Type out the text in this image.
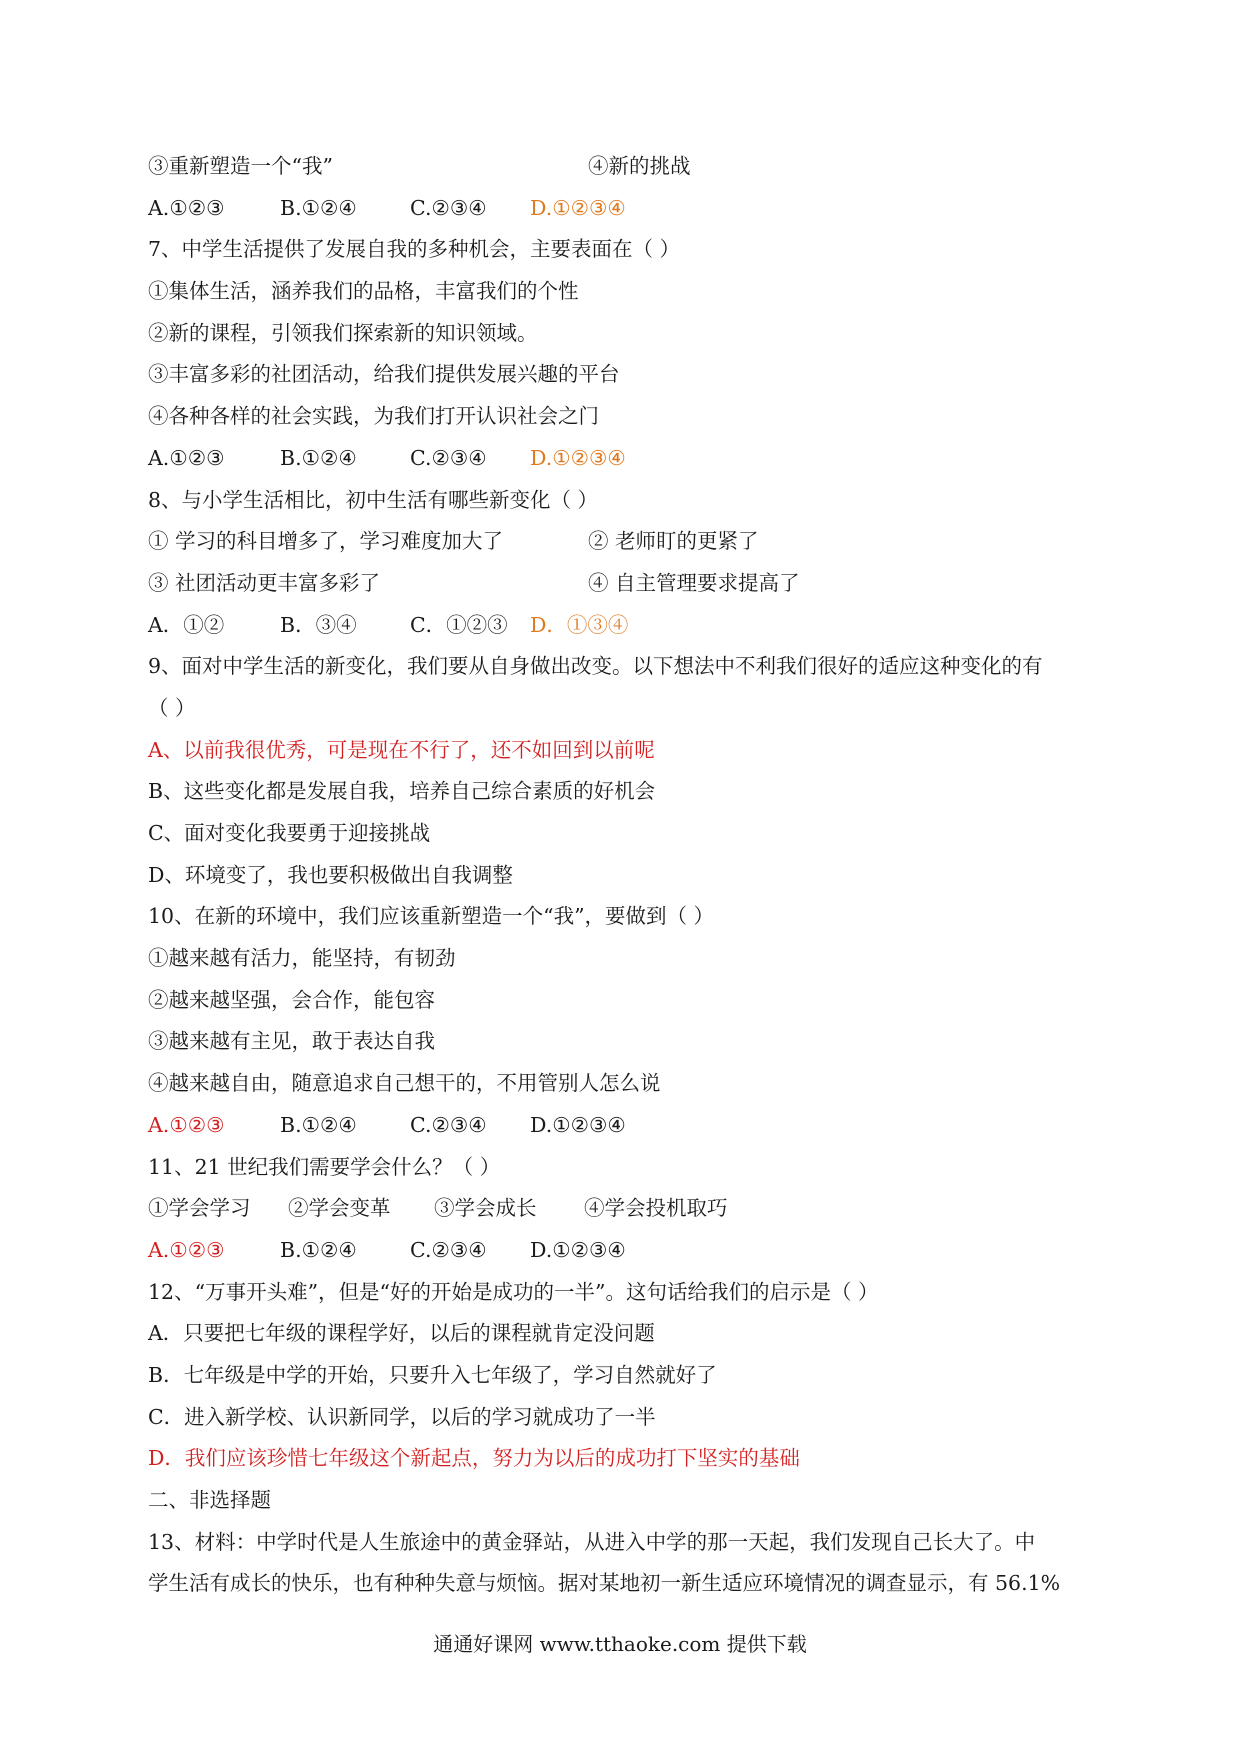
③重新塑造一个“我”	④新的挑战
A.①②③	B.①②④	C.②③④ D.①②③④
7、中学生活提供了发展自我的多种机会，主要表面在（ ）
①集体生活，涵养我们的品格，丰富我们的个性
②新的课程，引领我们探索新的知识领域。
③丰富多彩的社团活动，给我们提供发展兴趣的平台
④各种各样的社会实践，为我们打开认识社会之门
A.①②③	B.①②④	C.②③④ D.①②③④
8、与小学生活相比，初中生活有哪些新变化（ ）
① 学习的科目增多了，学习难度加大了	② 老师盯的更紧了
③ 社团活动更丰富多彩了	④ 自主管理要求提高了
A．①②	B．③④	C．①②③ D．①③④
9、面对中学生活的新变化，我们要从自身做出改变。以下想法中不利我们很好的适应这种变化的有
（ ）
A、以前我很优秀，可是现在不行了，还不如回到以前呢
B、这些变化都是发展自我，培养自己综合素质的好机会
C、面对变化我要勇于迎接挑战
D、环境变了，我也要积极做出自我调整
10、在新的环境中，我们应该重新塑造一个“我”，要做到（ ）
①越来越有活力，能坚持，有韧劲
②越来越坚强，会合作，能包容
③越来越有主见，敢于表达自我
④越来越自由，随意追求自己想干的，不用管别人怎么说
A.①②③	B.①②④	C.②③④ D.①②③④
11、21 世纪我们需要学会什么？（ ）
①学会学习 ②学会变革 ③学会成长 ④学会投机取巧
A.①②③	B.①②④	C.②③④ D.①②③④
12、“万事开头难”，但是“好的开始是成功的一半”。这句话给我们的启示是（ ）
A．只要把七年级的课程学好，以后的课程就肯定没问题
B．七年级是中学的开始，只要升入七年级了，学习自然就好了
C．进入新学校、认识新同学，以后的学习就成功了一半
D．我们应该珍惜七年级这个新起点，努力为以后的成功打下坚实的基础
二、非选择题
13、材料：中学时代是人生旅途中的黄金驿站，从进入中学的那一天起，我们发现自己长大了。中
学生活有成长的快乐，也有种种失意与烦恼。据对某地初一新生适应环境情况的调查显示，有 56.1%
通通好课网 www.tthaoke.com 提供下载
